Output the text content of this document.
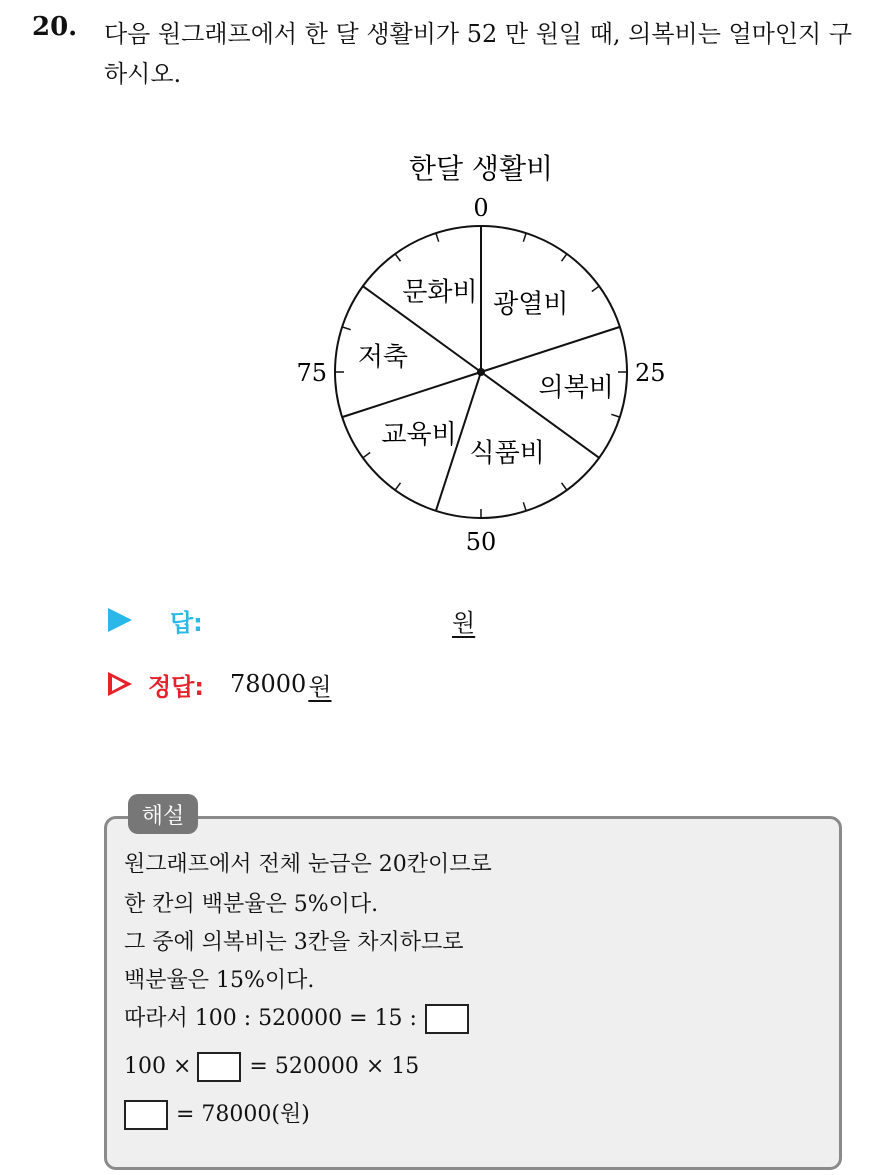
20. 다음 원그래프에서 한 달 생활비가 52 만 원일 때, 의복비는 얼마인지 구하시오.
한달 생활비
광열비
의복비
식품비
교육비
저축
문화비
0
25
50
75
답:	원
정답: 78000 원
해설
원그래프에서 전체 눈금은 20칸이므로
한 칸의 백분율은 5%이다.
그 중에 의복비는 3칸을 차지하므로
백분율은 15%이다.
따라서 100 : 520000 = 15 :
100 ×	= 520000 × 15
= 78000(원)
